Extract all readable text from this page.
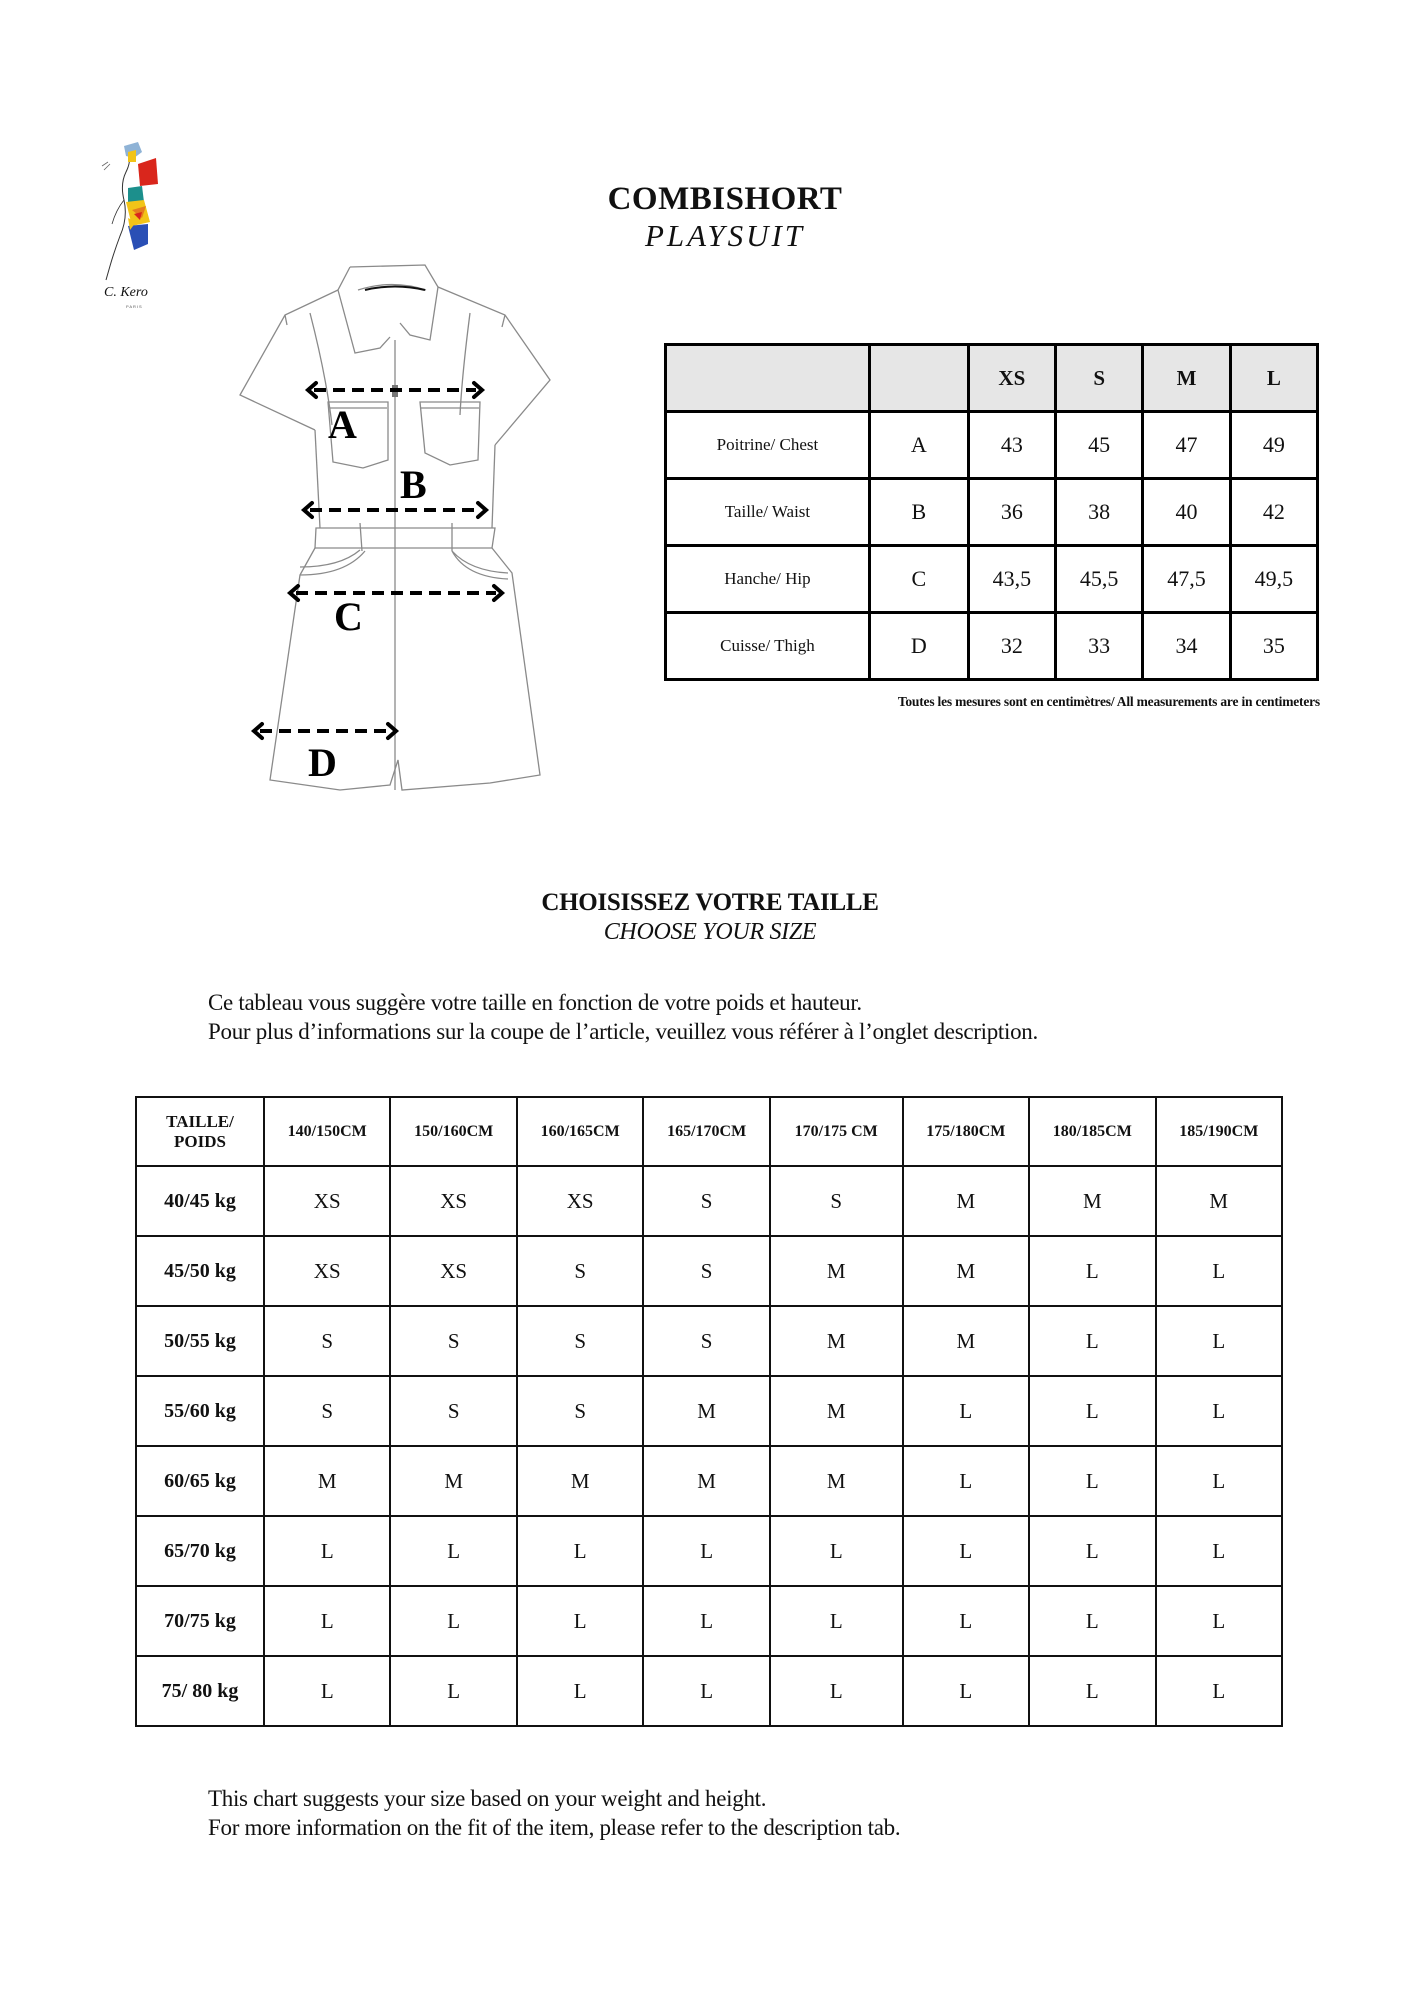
C. Kero
PARIS
COMBISHORT
PLAYSUIT
A
B
C
D
		XS	S	M	L
Poitrine/ Chest	A	43	45	47	49
Taille/ Waist	B	36	38	40	42
Hanche/ Hip	C	43,5	45,5	47,5	49,5
Cuisse/ Thigh	D	32	33	34	35
Toutes les mesures sont en centimètres/ All measurements are in centimeters
CHOISISSEZ VOTRE TAILLE
CHOOSE YOUR SIZE
Ce tableau vous suggère votre taille en fonction de votre poids et hauteur.
Pour plus d’informations sur la coupe de l’article, veuillez vous référer à l’onglet description.
TAILLE/
POIDS	140/150CM	150/160CM	160/165CM	165/170CM	170/175 CM	175/180CM	180/185CM	185/190CM
40/45 kg	XS	XS	XS	S	S	M	M	M
45/50 kg	XS	XS	S	S	M	M	L	L
50/55 kg	S	S	S	S	M	M	L	L
55/60 kg	S	S	S	M	M	L	L	L
60/65 kg	M	M	M	M	M	L	L	L
65/70 kg	L	L	L	L	L	L	L	L
70/75 kg	L	L	L	L	L	L	L	L
75/ 80 kg	L	L	L	L	L	L	L	L
This chart suggests your size based on your weight and height.
For more information on the fit of the item, please refer to the description tab.
